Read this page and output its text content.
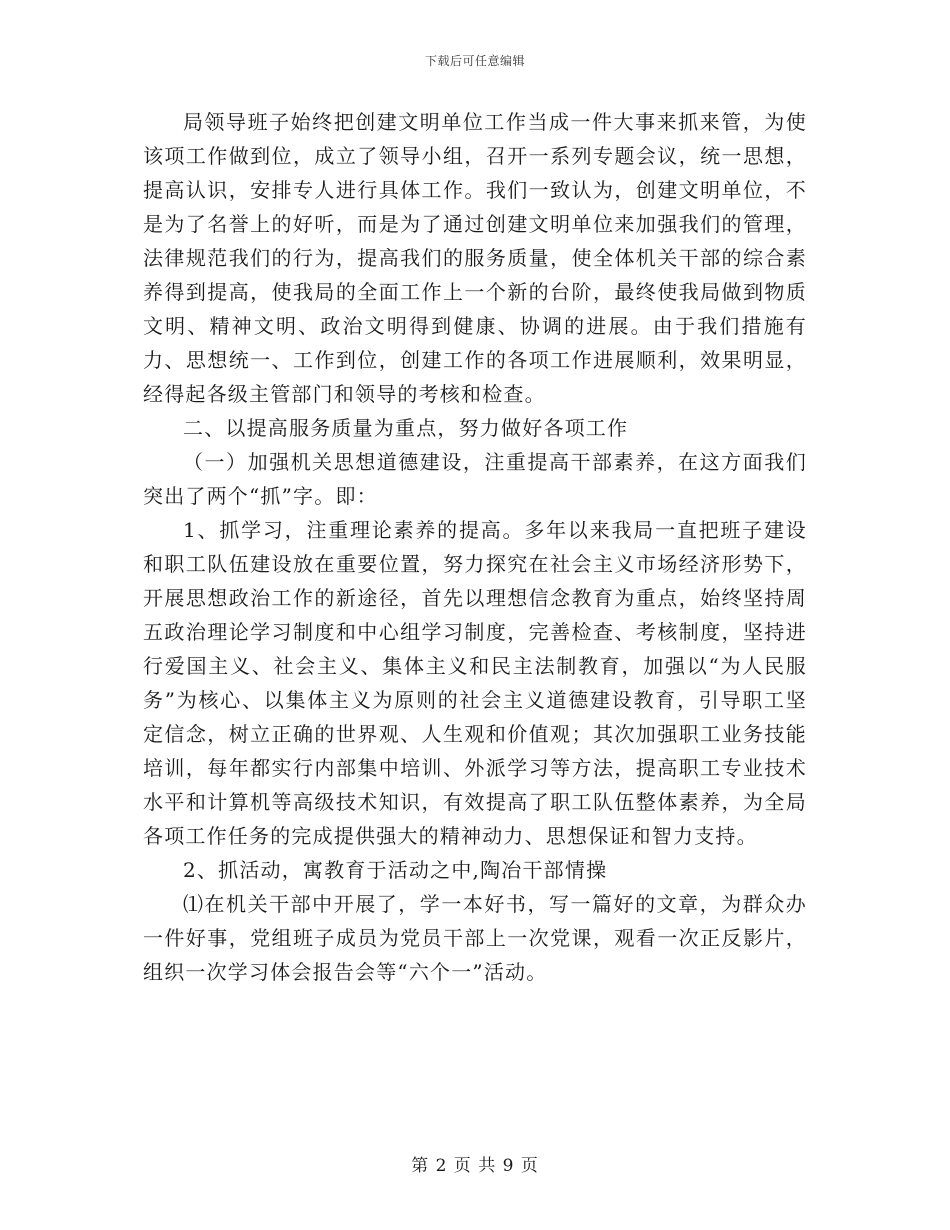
下载后可任意编辑

局领导班子始终把创建文明单位工作当成一件大事来抓来管，为使该项工作做到位，成立了领导小组，召开一系列专题会议，统一思想，提高认识，安排专人进行具体工作。我们一致认为，创建文明单位，不是为了名誉上的好听，而是为了通过创建文明单位来加强我们的管理，法律规范我们的行为，提高我们的服务质量，使全体机关干部的综合素养得到提高，使我局的全面工作上一个新的台阶，最终使我局做到物质文明、精神文明、政治文明得到健康、协调的进展。由于我们措施有力、思想统一、工作到位，创建工作的各项工作进展顺利，效果明显，经得起各级主管部门和领导的考核和检查。

二、以提高服务质量为重点，努力做好各项工作

（一）加强机关思想道德建设，注重提高干部素养，在这方面我们突出了两个“抓”字。即：

1、抓学习，注重理论素养的提高。多年以来我局一直把班子建设和职工队伍建设放在重要位置，努力探究在社会主义市场经济形势下，开展思想政治工作的新途径，首先以理想信念教育为重点，始终坚持周五政治理论学习制度和中心组学习制度，完善检查、考核制度，坚持进行爱国主义、社会主义、集体主义和民主法制教育，加强以“为人民服务”为核心、以集体主义为原则的社会主义道德建设教育，引导职工坚定信念，树立正确的世界观、人生观和价值观；其次加强职工业务技能培训，每年都实行内部集中培训、外派学习等方法，提高职工专业技术水平和计算机等高级技术知识，有效提高了职工队伍整体素养，为全局各项工作任务的完成提供强大的精神动力、思想保证和智力支持。

2、抓活动，寓教育于活动之中,陶冶干部情操

⑴在机关干部中开展了，学一本好书，写一篇好的文章，为群众办一件好事，党组班子成员为党员干部上一次党课，观看一次正反影片，组织一次学习体会报告会等“六个一”活动。

第 2 页 共 9 页
